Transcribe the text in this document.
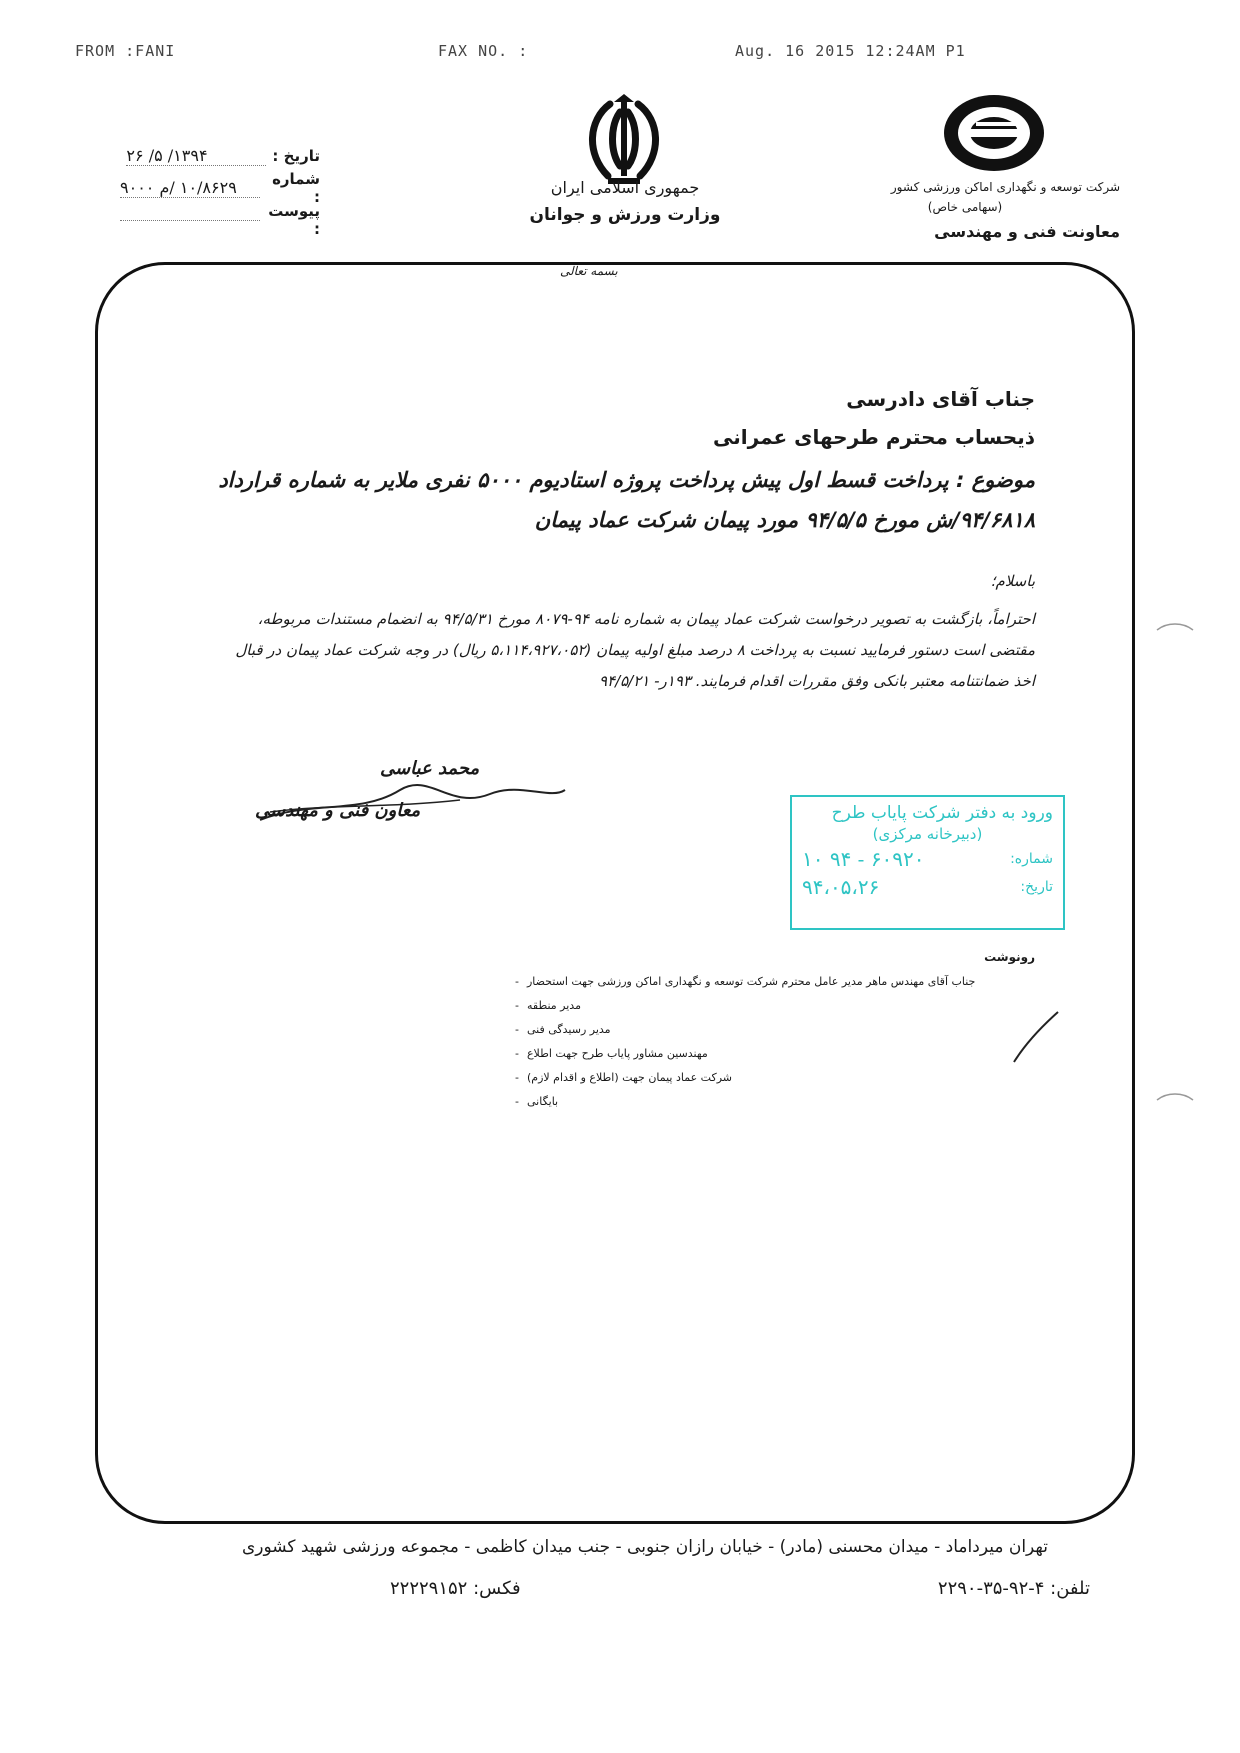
FROM :FANI	FAX NO. :	Aug. 16 2015 12:24AM P1
تاریخ :
۱۳۹۴/ ۵/ ۲۶
شماره :
۱۰/۸۶۲۹ /م ۹۰۰۰
پیوست :
جمهوری اسلامی ایران
وزارت ورزش و جوانان
شرکت توسعه و نگهداری اماکن ورزشی کشور
(سهامی خاص)
معاونت فنی و مهندسی
بسمه تعالی
جناب آقای دادرسی
ذیحساب محترم طرحهای عمرانی
موضوع : پرداخت قسط اول پیش پرداخت پروژه استادیوم ۵۰۰۰ نفری ملایر به شماره قرارداد
۹۴/۶۸۱۸/ش مورخ ۹۴/۵/۵ مورد پیمان شرکت عماد پیمان
باسلام؛
احتراماً، بازگشت به تصویر درخواست شرکت عماد پیمان به شماره نامه ۹۴-۸۰۷۹ مورخ ۹۴/۵/۳۱ به انضمام مستندات مربوطه،
مقتضی است دستور فرمایید نسبت به پرداخت ۸ درصد مبلغ اولیه پیمان (۵،۱۱۴،۹۲۷،۰۵۲ ریال) در وجه شرکت عماد پیمان در قبال
اخذ ضمانتنامه معتبر بانکی وفق مقررات اقدام فرمایند. ۱۹۳ر- ۹۴/۵/۲۱
محمد عباسی
معاون فنی و مهندسی	ورود به دفتر شرکت پایاب طرح
(دبیرخانه مرکزی)
شماره:
۶۰۹۲۰ - ۹۴ ۱۰
تاریخ:
۹۴،۰۵،۲۶
رونوشت
- جناب آقای مهندس ماهر مدیر عامل محترم شرکت توسعه و نگهداری اماکن ورزشی جهت استحضار
- مدیر منطقه
- مدیر رسیدگی فنی
- مهندسین مشاور پایاب طرح جهت اطلاع
- شرکت عماد پیمان جهت (اطلاع و اقدام لازم)
- بایگانی
تهران میرداماد - میدان محسنی (مادر) - خیابان رازان جنوبی - جنب میدان کاظمی - مجموعه ورزشی شهید کشوری
تلفن: ۴-۹۲-۳۵-۲۲۹۰
فکس: ۲۲۲۲۹۱۵۲
